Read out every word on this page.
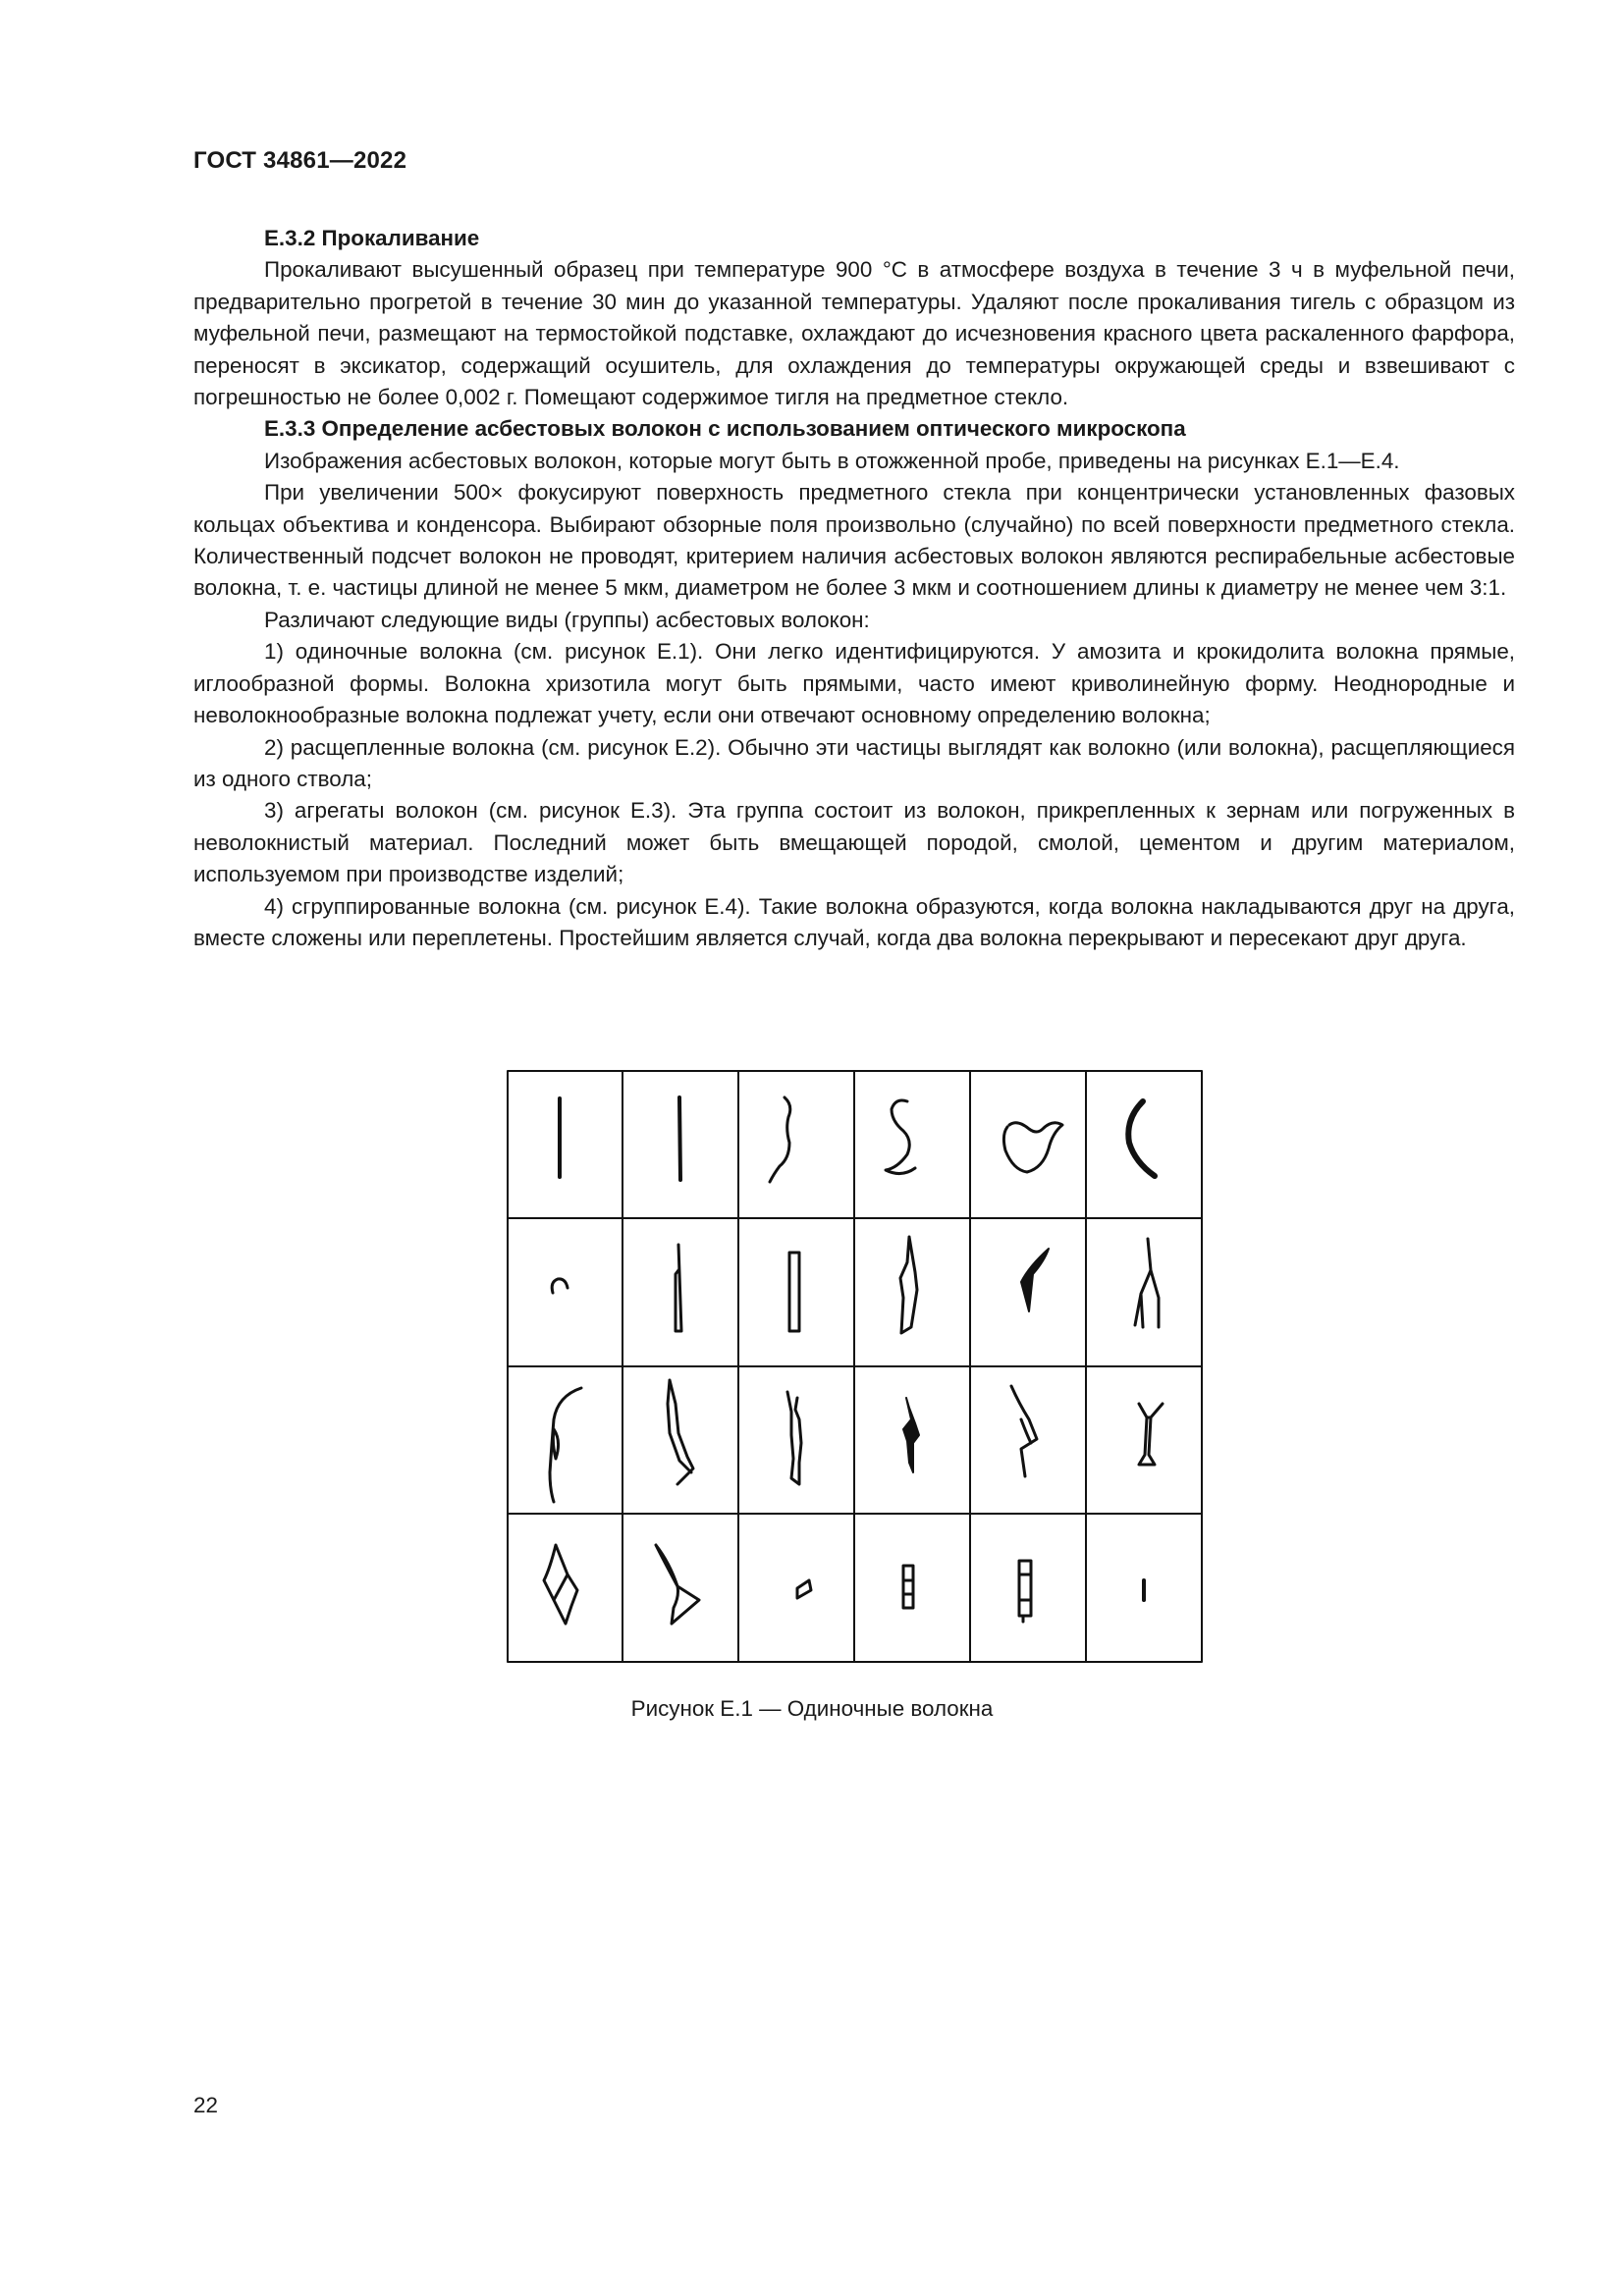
ГОСТ 34861—2022

Е.3.2 Прокаливание

Прокаливают высушенный образец при температуре 900 °С в атмосфере воздуха в течение 3 ч в муфельной печи, предварительно прогретой в течение 30 мин до указанной температуры. Удаляют после прокаливания тигель с образцом из муфельной печи, размещают на термостойкой подставке, охлаждают до исчезновения красного цвета раскаленного фарфора, переносят в эксикатор, содержащий осушитель, для охлаждения до температуры окружающей среды и взвешивают с погрешностью не более 0,002 г. Помещают содержимое тигля на предметное стекло.

Е.3.3 Определение асбестовых волокон с использованием оптического микроскопа

Изображения асбестовых волокон, которые могут быть в отожженной пробе, приведены на рисунках Е.1—Е.4.

При увеличении 500× фокусируют поверхность предметного стекла при концентрически установленных фазовых кольцах объектива и конденсора. Выбирают обзорные поля произвольно (случайно) по всей поверхности предметного стекла. Количественный подсчет волокон не проводят, критерием наличия асбестовых волокон являются респирабельные асбестовые волокна, т. е. частицы длиной не менее 5 мкм, диаметром не более 3 мкм и соотношением длины к диаметру не менее чем 3:1.

Различают следующие виды (группы) асбестовых волокон:

1) одиночные волокна (см. рисунок Е.1). Они легко идентифицируются. У амозита и крокидолита волокна прямые, иглообразной формы. Волокна хризотила могут быть прямыми, часто имеют криволинейную форму. Неоднородные и неволокнообразные волокна подлежат учету, если они отвечают основному определению волокна;

2) расщепленные волокна (см. рисунок Е.2). Обычно эти частицы выглядят как волокно (или волокна), расщепляющиеся из одного ствола;

3) агрегаты волокон (см. рисунок Е.3). Эта группа состоит из волокон, прикрепленных к зернам или погруженных в неволокнистый материал. Последний может быть вмещающей породой, смолой, цементом и другим материалом, используемом при производстве изделий;

4) сгруппированные волокна (см. рисунок Е.4). Такие волокна образуются, когда волокна накладываются друг на друга, вместе сложены или переплетены. Простейшим является случай, когда два волокна перекрывают и пересекают друг друга.

Рисунок Е.1 — Одиночные волокна
22
